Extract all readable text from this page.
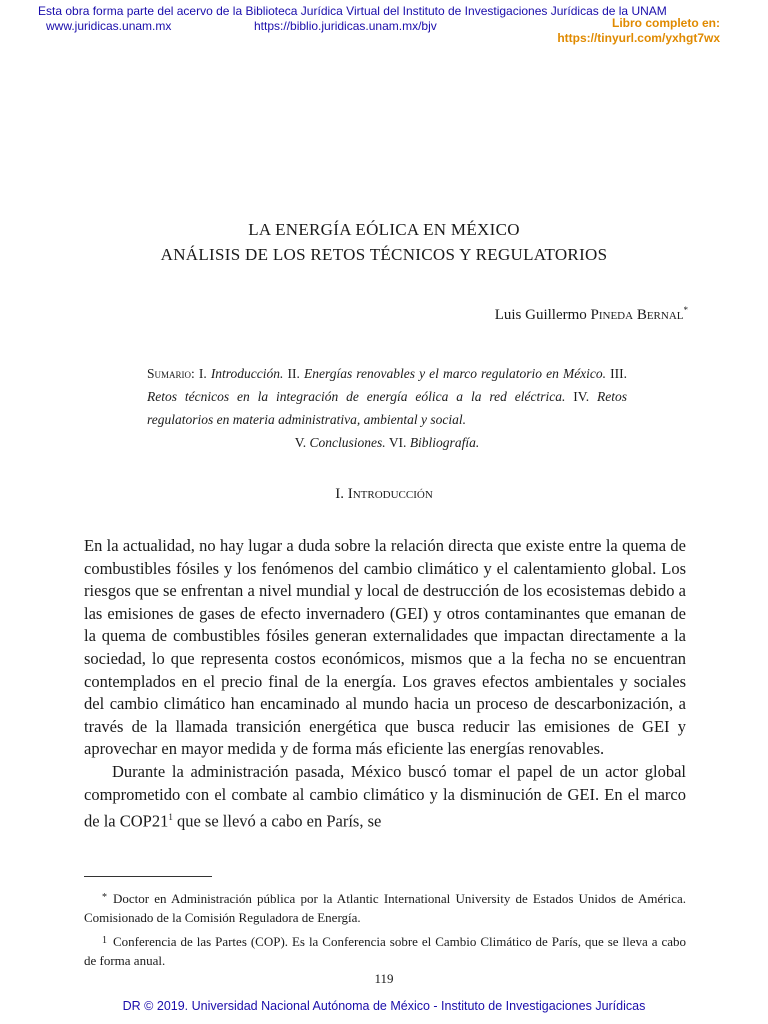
Esta obra forma parte del acervo de la Biblioteca Jurídica Virtual del Instituto de Investigaciones Jurídicas de la UNAM
www.juridicas.unam.mx	https://biblio.juridicas.unam.mx/bjv	Libro completo en:
https://tinyurl.com/yxhgt7wx
LA ENERGÍA EÓLICA EN MÉXICO
ANÁLISIS DE LOS RETOS TÉCNICOS Y REGULATORIOS
Luis Guillermo Pineda Bernal*
Sumario: I. Introducción. II. Energías renovables y el marco regulatorio en México. III. Retos técnicos en la integración de energía eólica a la red eléctrica. IV. Retos regulatorios en materia administrativa, ambiental y social.
V. Conclusiones. VI. Bibliografía.
I. Introducción

En la actualidad, no hay lugar a duda sobre la relación directa que existe entre la quema de combustibles fósiles y los fenómenos del cambio climático y el calentamiento global. Los riesgos que se enfrentan a nivel mundial y local de destrucción de los ecosistemas debido a las emisiones de gases de efecto invernadero (GEI) y otros contaminantes que emanan de la quema de combustibles fósiles generan externalidades que impactan directamente a la sociedad, lo que representa costos económicos, mismos que a la fecha no se encuentran contemplados en el precio final de la energía. Los graves efectos ambientales y sociales del cambio climático han encaminado al mundo hacia un proceso de descarbonización, a través de la llamada transición energética que busca reducir las emisiones de GEI y aprovechar en mayor medida y de forma más eficiente las energías renovables.

Durante la administración pasada, México buscó tomar el papel de un actor global comprometido con el combate al cambio climático y la disminución de GEI. En el marco de la $COP21^1$ que se llevó a cabo en París, se

* Doctor en Administración pública por la Atlantic International University de Estados Unidos de América. Comisionado de la Comisión Reguladora de Energía.

$^1$ Conferencia de las Partes (COP). Es la Conferencia sobre el Cambio Climático de París, que se lleva a cabo de forma anual.

119
DR © 2019. Universidad Nacional Autónoma de México - Instituto de Investigaciones Jurídicas
